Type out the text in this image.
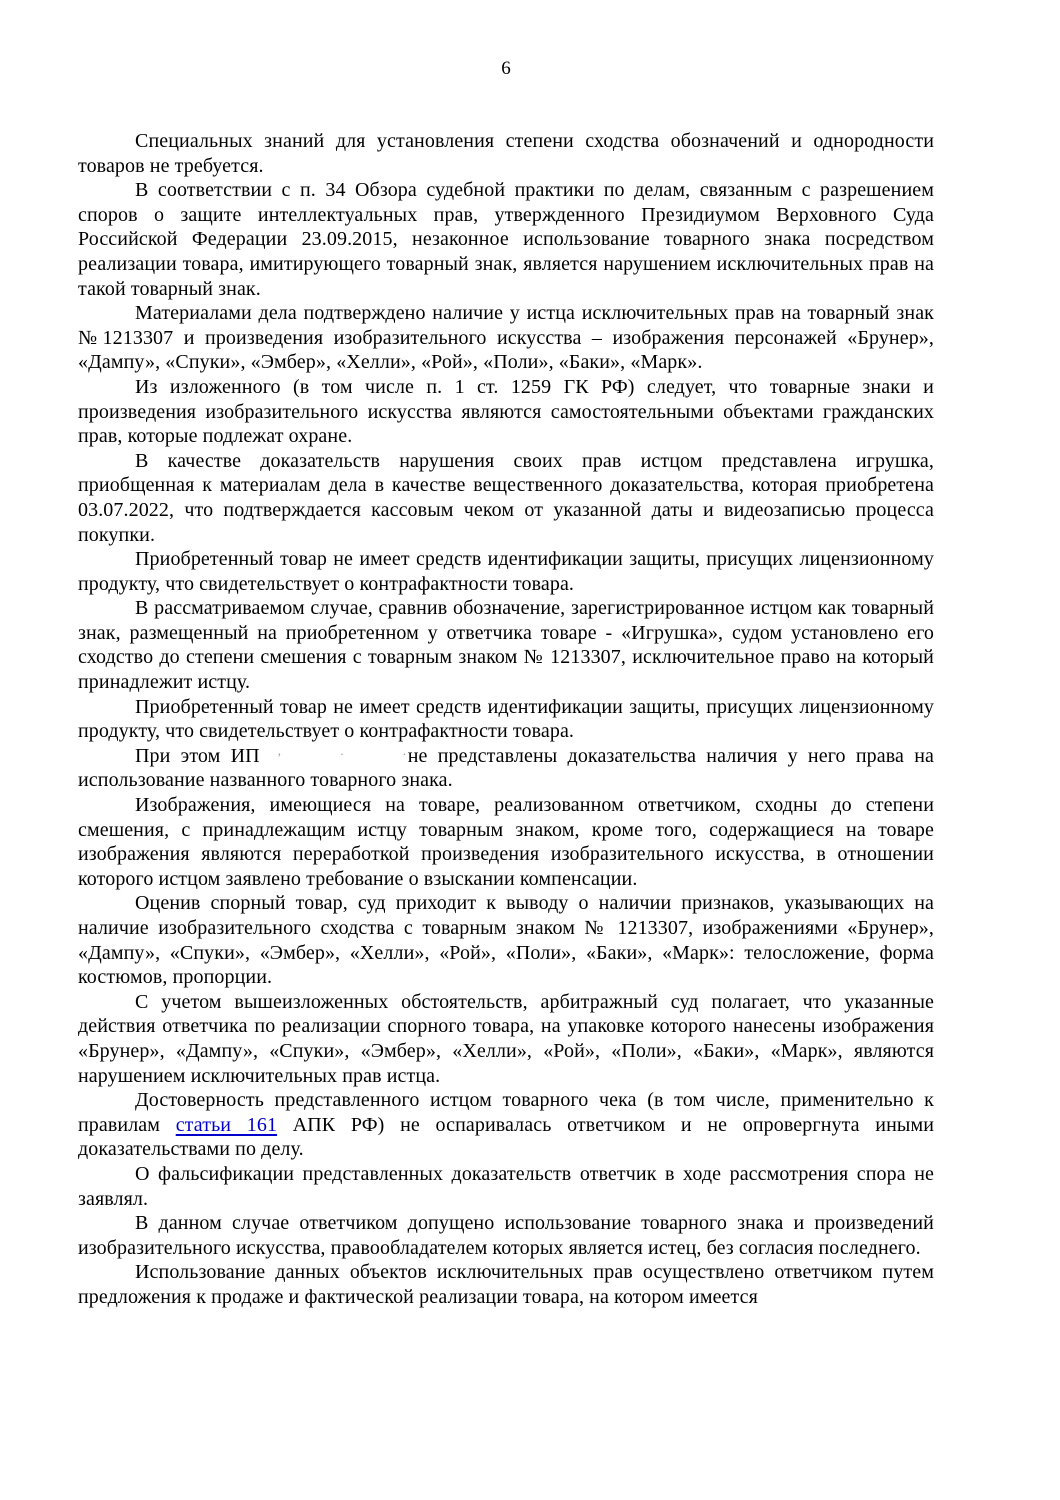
6

Специальных знаний для установления степени сходства обозначений и однородности товаров не требуется.

В соответствии с п. 34 Обзора судебной практики по делам, связанным с разрешением споров о защите интеллектуальных прав, утвержденного Президиумом Верховного Суда Российской Федерации 23.09.2015, незаконное использование товарного знака посредством реализации товара, имитирующего товарный знак, является нарушением исключительных прав на такой товарный знак.

Материалами дела подтверждено наличие у истца исключительных прав на товарный знак №1213307 и произведения изобразительного искусства – изображения персонажей «Брунер», «Дампу», «Спуки», «Эмбер», «Хелли», «Рой», «Поли», «Баки», «Марк».

Из изложенного (в том числе п. 1 ст. 1259 ГК РФ) следует, что товарные знаки и произведения изобразительного искусства являются самостоятельными объектами гражданских прав, которые подлежат охране.

В качестве доказательств нарушения своих прав истцом представлена игрушка, приобщенная к материалам дела в качестве вещественного доказательства, которая приобретена 03.07.2022, что подтверждается кассовым чеком от указанной даты и видеозаписью процесса покупки.

Приобретенный товар не имеет средств идентификации защиты, присущих лицензионному продукту, что свидетельствует о контрафактности товара.

В рассматриваемом случае, сравнив обозначение, зарегистрированное истцом как товарный знак, размещенный на приобретенном у ответчика товаре - «Игрушка», судом установлено его сходство до степени смешения с товарным знаком № 1213307, исключительное право на который принадлежит истцу.

Приобретенный товар не имеет средств идентификации защиты, присущих лицензионному продукту, что свидетельствует о контрафактности товара.

При этом ИП , . .
не представлены доказательства наличия у него права на использование названного товарного знака.

Изображения, имеющиеся на товаре, реализованном ответчиком, сходны до степени смешения, с принадлежащим истцу товарным знаком, кроме того, содержащиеся на товаре изображения являются переработкой произведения изобразительного искусства, в отношении которого истцом заявлено требование о взыскании компенсации.

Оценив спорный товар, суд приходит к выводу о наличии признаков, указывающих на наличие изобразительного сходства с товарным знаком № 1213307, изображениями «Брунер», «Дампу», «Спуки», «Эмбер», «Хелли», «Рой», «Поли», «Баки», «Марк»: телосложение, форма костюмов, пропорции.

С учетом вышеизложенных обстоятельств, арбитражный суд полагает, что указанные действия ответчика по реализации спорного товара, на упаковке которого нанесены изображения «Брунер», «Дампу», «Спуки», «Эмбер», «Хелли», «Рой», «Поли», «Баки», «Марк», являются нарушением исключительных прав истца.

Достоверность представленного истцом товарного чека (в том числе, применительно к правилам статьи 161 АПК РФ) не оспаривалась ответчиком и не опровергнута иными доказательствами по делу.

О фальсификации представленных доказательств ответчик в ходе рассмотрения спора не заявлял.

В данном случае ответчиком допущено использование товарного знака и произведений изобразительного искусства, правообладателем которых является истец, без согласия последнего.

Использование данных объектов исключительных прав осуществлено ответчиком путем предложения к продаже и фактической реализации товара, на котором имеется
